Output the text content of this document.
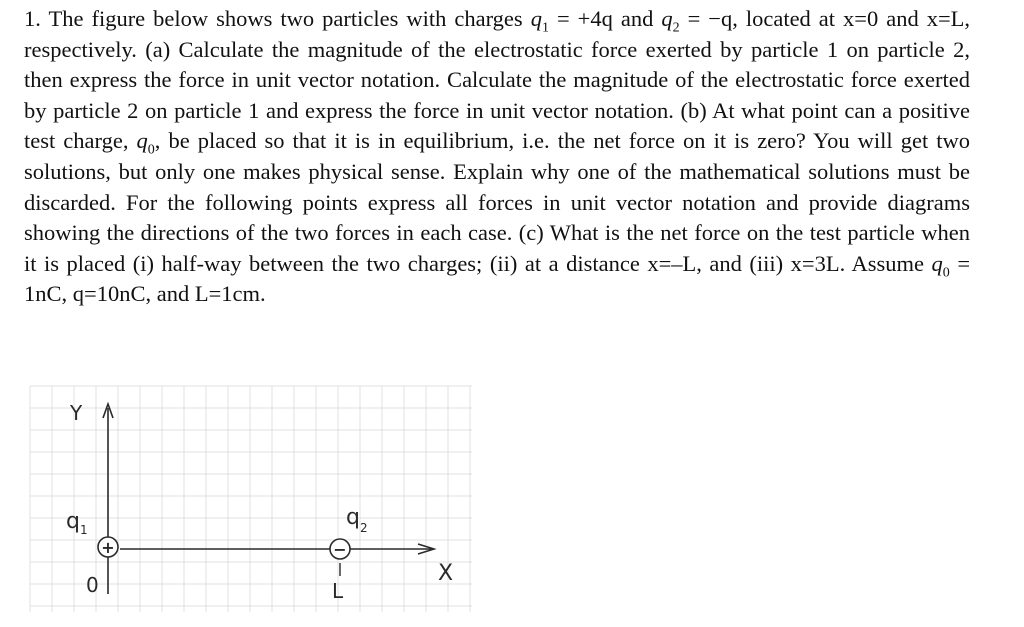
1. The figure below shows two particles with charges $q_1 = +4q$ and $q_2 = -q$, located at x=0 and x=L, respectively. (a) Calculate the magnitude of the electrostatic force exerted by particle 1 on particle 2, then express the force in unit vector notation. Calculate the magnitude of the electrostatic force exerted by particle 2 on particle 1 and express the force in unit vector notation. (b) At what point can a positive test charge, $q_0$, be placed so that it is in equilibrium, i.e. the net force on it is zero? You will get two solutions, but only one makes physical sense. Explain why one of the mathematical solutions must be discarded. For the following points express all forces in unit vector notation and provide diagrams showing the directions of the two forces in each case. (c) What is the net force on the test particle when it is placed (i) half-way between the two charges; (ii) at a distance x=–L, and (iii) x=3L. Assume $q_0 = 1nC$, q=10nC, and L=1cm.

Y
X
q 1
+
q 2
−
0	L
